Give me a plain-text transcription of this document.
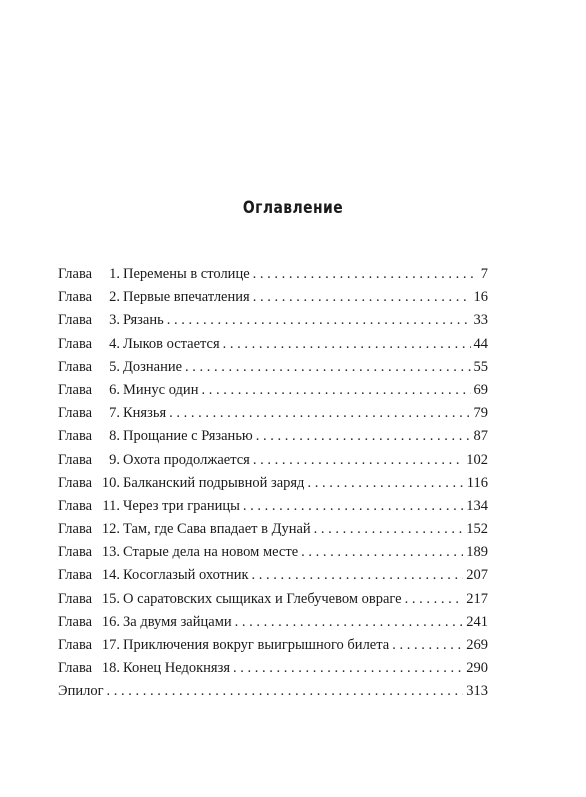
Оглавление
Глава	1. Перемены в столице . . .	7
Глава	2. Первые впечатления . . .	16
Глава	3. Рязань . . .	33
Глава	4. Лыков остается . . .	44
Глава	5. Дознание . . .	55
Глава	6. Минус один . . .	69
Глава	7. Князья . . .	79
Глава	8. Прощание с Рязанью . . .	87
Глава	9. Охота продолжается . . .	102
Глава 10. Балканский подрывной заряд . . .	116
Глава 11. Через три границы . . .	134
Глава 12. Там, где Сава впадает в Дунай . . .	152
Глава 13. Старые дела на новом месте . . .	189
Глава 14. Косоглазый охотник . . .	207
Глава 15. О саратовских сыщиках и Глебучевом овраге . . .	217
Глава 16. За двумя зайцами . . .	241
Глава 17. Приключения вокруг выигрышного билета . . .	269
Глава 18. Конец Недокнязя . . .	290
Эпилог . . .	313
